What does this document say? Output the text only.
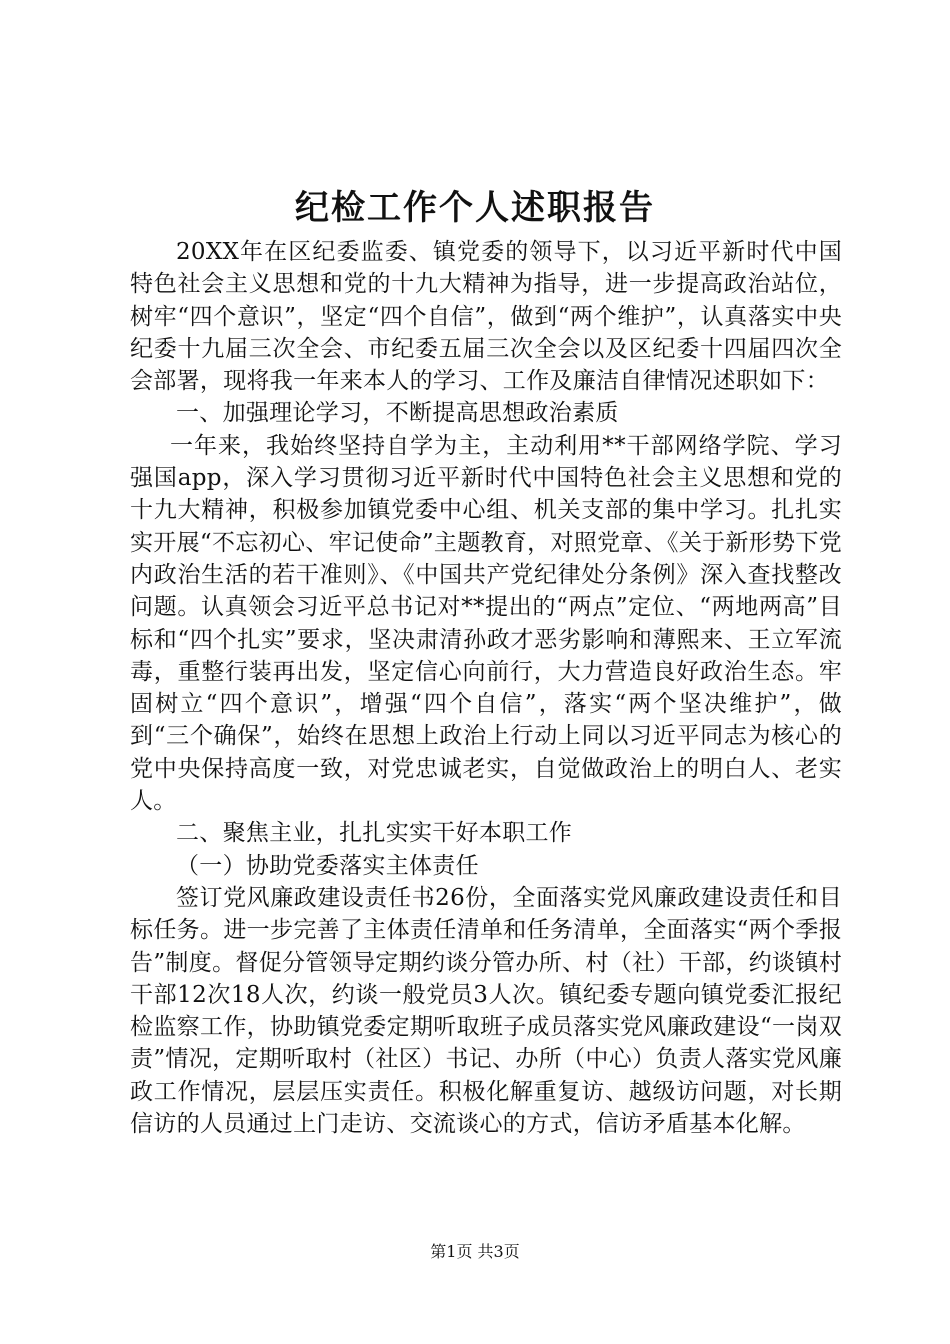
纪检工作个人述职报告

20XX年在区纪委监委、镇党委的领导下，以习近平新时代中国特色社会主义思想和党的十九大精神为指导，进一步提高政治站位，树牢“四个意识”，坚定“四个自信”，做到“两个维护”，认真落实中央纪委十九届三次全会、市纪委五届三次全会以及区纪委十四届四次全会部署，现将我一年来本人的学习、工作及廉洁自律情况述职如下：

一、加强理论学习，不断提高思想政治素质

一年来，我始终坚持自学为主，主动利用**干部网络学院、学习强国app，深入学习贯彻习近平新时代中国特色社会主义思想和党的十九大精神，积极参加镇党委中心组、机关支部的集中学习。扎扎实实开展“不忘初心、牢记使命”主题教育，对照党章、《关于新形势下党内政治生活的若干准则》、《中国共产党纪律处分条例》深入查找整改问题。认真领会习近平总书记对**提出的“两点”定位、“两地两高”目标和“四个扎实”要求，坚决肃清孙政才恶劣影响和薄熙来、王立军流毒，重整行装再出发，坚定信心向前行，大力营造良好政治生态。牢固树立“四个意识”，增强“四个自信”，落实“两个坚决维护”，做到“三个确保”，始终在思想上政治上行动上同以习近平同志为核心的党中央保持高度一致，对党忠诚老实，自觉做政治上的明白人、老实人。

二、聚焦主业，扎扎实实干好本职工作

（一）协助党委落实主体责任

签订党风廉政建设责任书26份，全面落实党风廉政建设责任和目标任务。进一步完善了主体责任清单和任务清单，全面落实“两个季报告”制度。督促分管领导定期约谈分管办所、村（社）干部，约谈镇村干部12次18人次，约谈一般党员3人次。镇纪委专题向镇党委汇报纪检监察工作，协助镇党委定期听取班子成员落实党风廉政建设“一岗双责”情况，定期听取村（社区）书记、办所（中心）负责人落实党风廉政工作情况，层层压实责任。积极化解重复访、越级访问题，对长期信访的人员通过上门走访、交流谈心的方式，信访矛盾基本化解。

第1页 共3页
